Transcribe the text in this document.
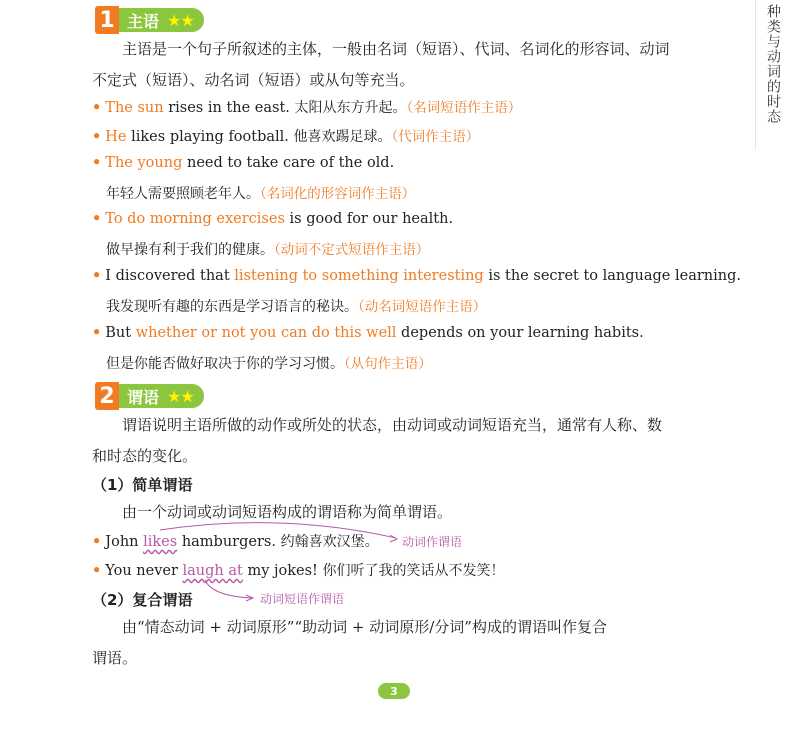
种类与动词的时态
1 主语 ★★
主语是一个句子所叙述的主体，一般由名词（短语）、代词、名词化的形容词、动词
不定式（短语）、动名词（短语）或从句等充当。
• The sun rises in the east. 太阳从东方升起。（名词短语作主语）
• He likes playing football. 他喜欢踢足球。（代词作主语）
• The young need to take care of the old.
年轻人需要照顾老年人。（名词化的形容词作主语）
• To do morning exercises is good for our health.
做早操有利于我们的健康。（动词不定式短语作主语）
• I discovered that listening to something interesting is the secret to language learning.
我发现听有趣的东西是学习语言的秘诀。（动名词短语作主语）
• But whether or not you can do this well depends on your learning habits.
但是你能否做好取决于你的学习习惯。（从句作主语）
2 谓语 ★★
谓语说明主语所做的动作或所处的状态，由动词或动词短语充当，通常有人称、数
和时态的变化。
（1）简单谓语
由一个动词或动词短语构成的谓语称为简单谓语。
• John likes hamburgers. 约翰喜欢汉堡。 动词作谓语
• You never laugh at my jokes! 你们听了我的笑话从不发笑！
动词短语作谓语
（2）复合谓语
由“情态动词 + 动词原形”“助动词 + 动词原形/分词”构成的谓语叫作复合
谓语。
3
